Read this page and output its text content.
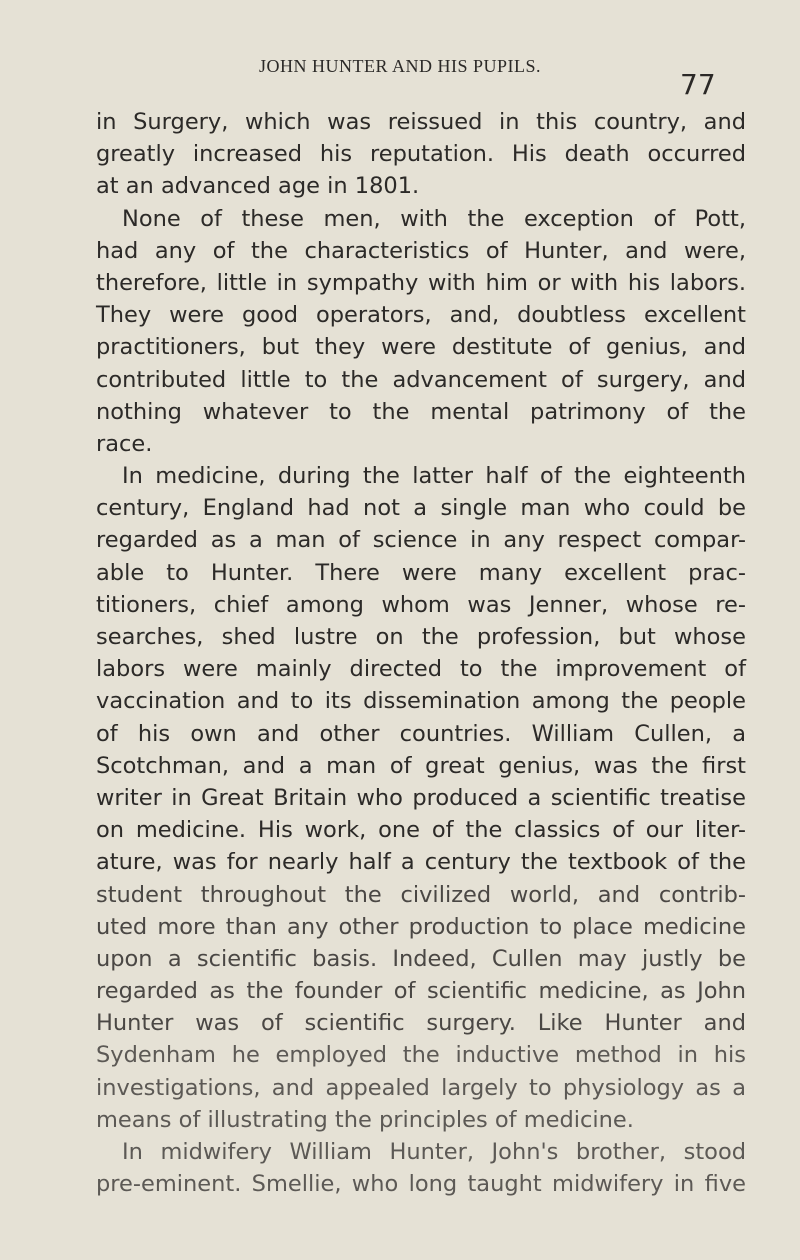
JOHN HUNTER AND HIS PUPILS.
77
in Surgery, which was reissued in this country, and
greatly increased his reputation. His death occurred
at an advanced age in 1801.
None of these men, with the exception of Pott,
had any of the characteristics of Hunter, and were,
therefore, little in sympathy with him or with his labors.
They were good operators, and, doubtless excellent
practitioners, but they were destitute of genius, and
contributed little to the advancement of surgery, and
nothing whatever to the mental patrimony of the
race.
In medicine, during the latter half of the eighteenth
century, England had not a single man who could be
regarded as a man of science in any respect compar-
able to Hunter. There were many excellent prac-
titioners, chief among whom was Jenner, whose re-
searches, shed lustre on the profession, but whose
labors were mainly directed to the improvement of
vaccination and to its dissemination among the people
of his own and other countries. William Cullen, a
Scotchman, and a man of great genius, was the first
writer in Great Britain who produced a scientific treatise
on medicine. His work, one of the classics of our liter-
ature, was for nearly half a century the textbook of the
student throughout the civilized world, and contrib-
uted more than any other production to place medicine
upon a scientific basis. Indeed, Cullen may justly be
regarded as the founder of scientific medicine, as John
Hunter was of scientific surgery. Like Hunter and
Sydenham he employed the inductive method in his
investigations, and appealed largely to physiology as a
means of illustrating the principles of medicine.
In midwifery William Hunter, John's brother, stood
pre-eminent. Smellie, who long taught midwifery in five
